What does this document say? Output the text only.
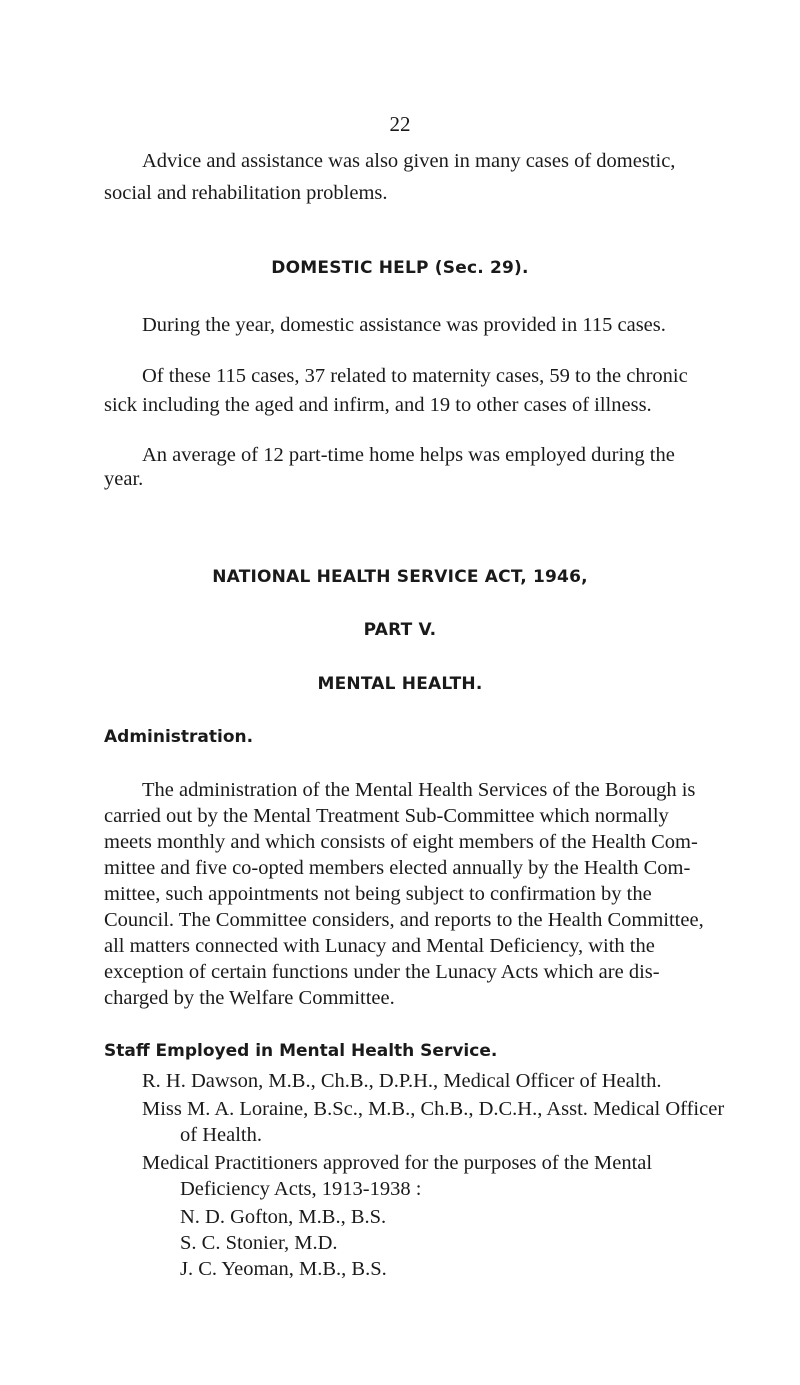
22

Advice and assistance was also given in many cases of domestic,

social and rehabilitation problems.

DOMESTIC HELP (Sec. 29).

During the year, domestic assistance was provided in 115 cases.

Of these 115 cases, 37 related to maternity cases, 59 to the chronic

sick including the aged and infirm, and 19 to other cases of illness.

An average of 12 part-time home helps was employed during the

year.

NATIONAL HEALTH SERVICE ACT, 1946,
PART V.
MENTAL HEALTH.
Administration.

The administration of the Mental Health Services of the Borough is

carried out by the Mental Treatment Sub-Committee which normally

meets monthly and which consists of eight members of the Health Com-

mittee and five co-opted members elected annually by the Health Com-

mittee, such appointments not being subject to confirmation by the

Council. The Committee considers, and reports to the Health Committee,

all matters connected with Lunacy and Mental Deficiency, with the

exception of certain functions under the Lunacy Acts which are dis-

charged by the Welfare Committee.

Staff Employed in Mental Health Service.

R. H. Dawson, M.B., Ch.B., D.P.H., Medical Officer of Health.

Miss M. A. Loraine, B.Sc., M.B., Ch.B., D.C.H., Asst. Medical Officer

of Health.

Medical Practitioners approved for the purposes of the Mental

Deficiency Acts, 1913-1938 :

N. D. Gofton, M.B., B.S.

S. C. Stonier, M.D.

J. C. Yeoman, M.B., B.S.
